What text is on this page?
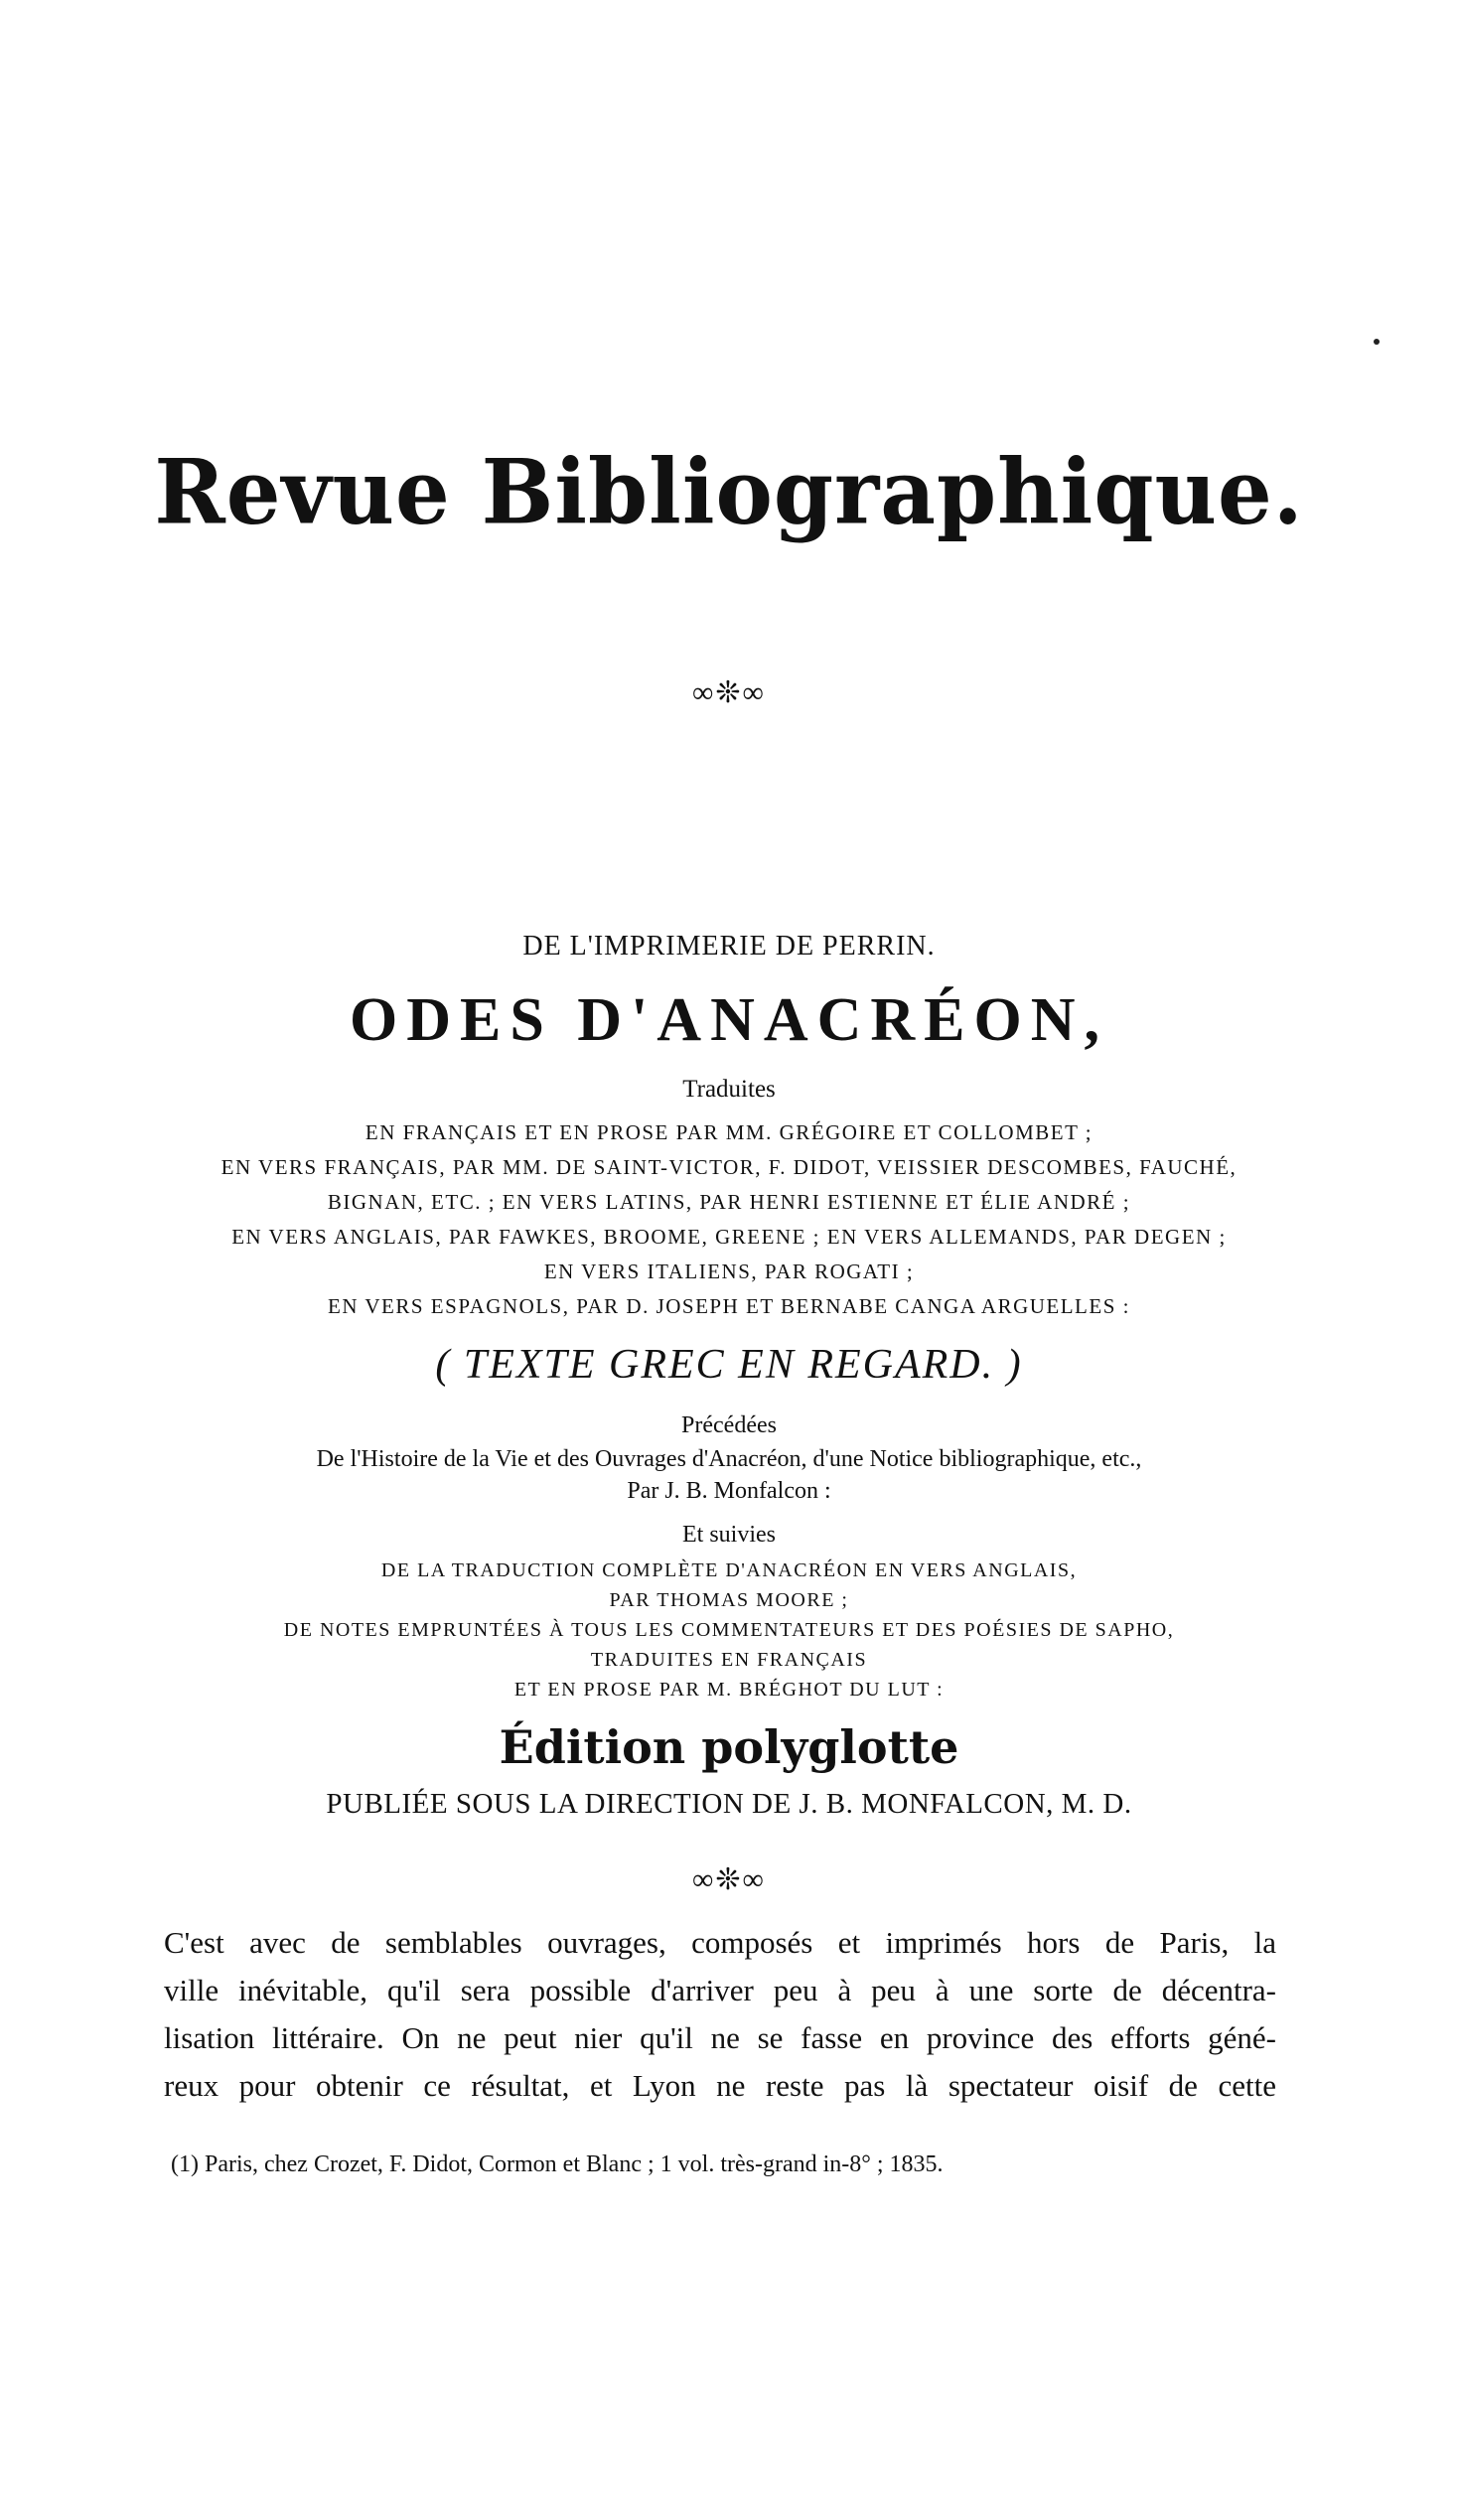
Revue Bibliographique.
∞❊∞
DE L'IMPRIMERIE DE PERRIN.
ODES D'ANACRÉON,
Traduites
EN FRANÇAIS ET EN PROSE PAR MM. GRÉGOIRE ET COLLOMBET ;
EN VERS FRANÇAIS, PAR MM. DE SAINT-VICTOR, F. DIDOT, VEISSIER DESCOMBES, FAUCHÉ,
BIGNAN, ETC. ; EN VERS LATINS, PAR HENRI ESTIENNE ET ÉLIE ANDRÉ ;
EN VERS ANGLAIS, PAR FAWKES, BROOME, GREENE ; EN VERS ALLEMANDS, PAR DEGEN ;
EN VERS ITALIENS, PAR ROGATI ;
EN VERS ESPAGNOLS, PAR D. JOSEPH ET BERNABE CANGA ARGUELLES :
( TEXTE GREC EN REGARD. )
Précédées
De l'Histoire de la Vie et des Ouvrages d'Anacréon, d'une Notice bibliographique, etc.,
Par J. B. Monfalcon :
Et suivies
DE LA TRADUCTION COMPLÈTE D'ANACRÉON EN VERS ANGLAIS,
PAR THOMAS MOORE ;
DE NOTES EMPRUNTÉES À TOUS LES COMMENTATEURS ET DES POÉSIES DE SAPHO,
TRADUITES EN FRANÇAIS
ET EN PROSE PAR M. BRÉGHOT DU LUT :
Édition polyglotte
PUBLIÉE SOUS LA DIRECTION DE J. B. MONFALCON, M. D.
∞❊∞
C'est avec de semblables ouvrages, composés et imprimés hors de Paris, la
ville inévitable, qu'il sera possible d'arriver peu à peu à une sorte de décentra-
lisation littéraire. On ne peut nier qu'il ne se fasse en province des efforts géné-
reux pour obtenir ce résultat, et Lyon ne reste pas là spectateur oisif de cette
(1) Paris, chez Crozet, F. Didot, Cormon et Blanc ; 1 vol. très-grand in-8° ; 1835.
